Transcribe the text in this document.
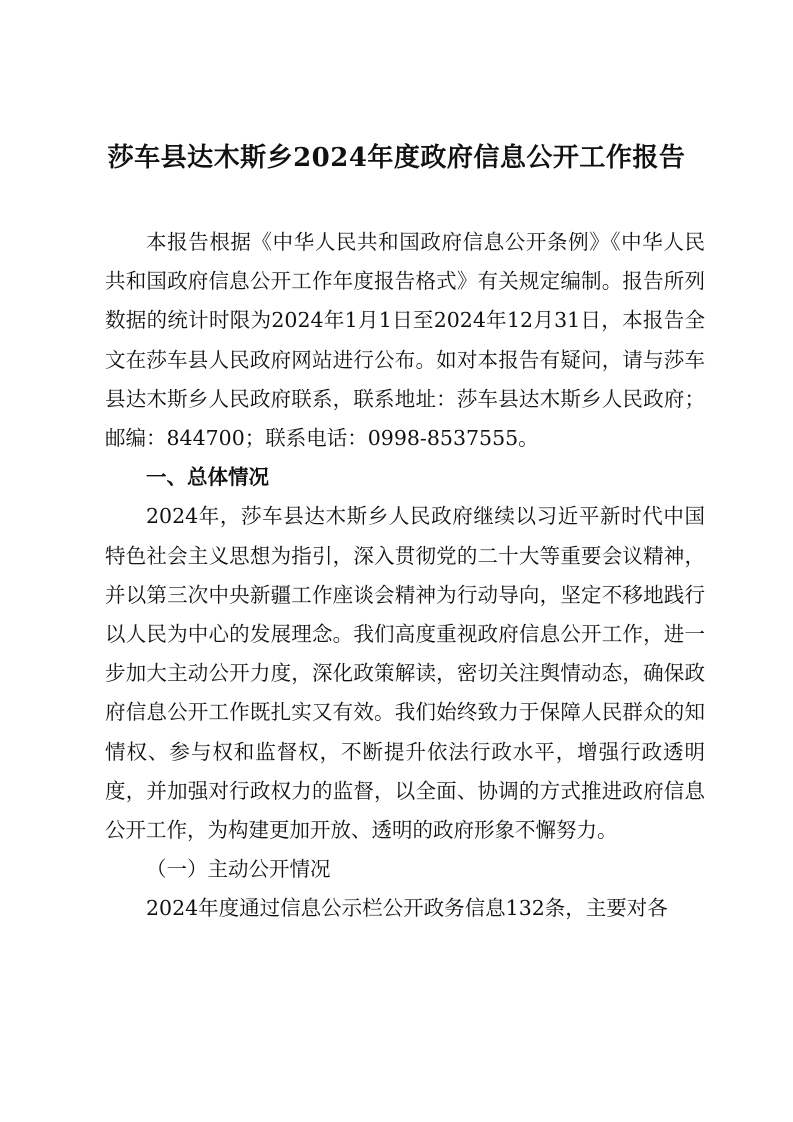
莎车县达木斯乡2024年度政府信息公开工作报告

本报告根据《中华人民共和国政府信息公开条例》《中华人民共和国政府信息公开工作年度报告格式》有关规定编制。报告所列数据的统计时限为2024年1月1日至2024年12月31日，本报告全文在莎车县人民政府网站进行公布。如对本报告有疑问，请与莎车县达木斯乡人民政府联系，联系地址：莎车县达木斯乡人民政府；邮编：844700；联系电话：0998-8537555。

一、总体情况

2024年，莎车县达木斯乡人民政府继续以习近平新时代中国特色社会主义思想为指引，深入贯彻党的二十大等重要会议精神，并以第三次中央新疆工作座谈会精神为行动导向，坚定不移地践行以人民为中心的发展理念。我们高度重视政府信息公开工作，进一步加大主动公开力度，深化政策解读，密切关注舆情动态，确保政府信息公开工作既扎实又有效。我们始终致力于保障人民群众的知情权、参与权和监督权，不断提升依法行政水平，增强行政透明度，并加强对行政权力的监督，以全面、协调的方式推进政府信息公开工作，为构建更加开放、透明的政府形象不懈努力。

（一）主动公开情况

2024年度通过信息公示栏公开政务信息132条，主要对各
